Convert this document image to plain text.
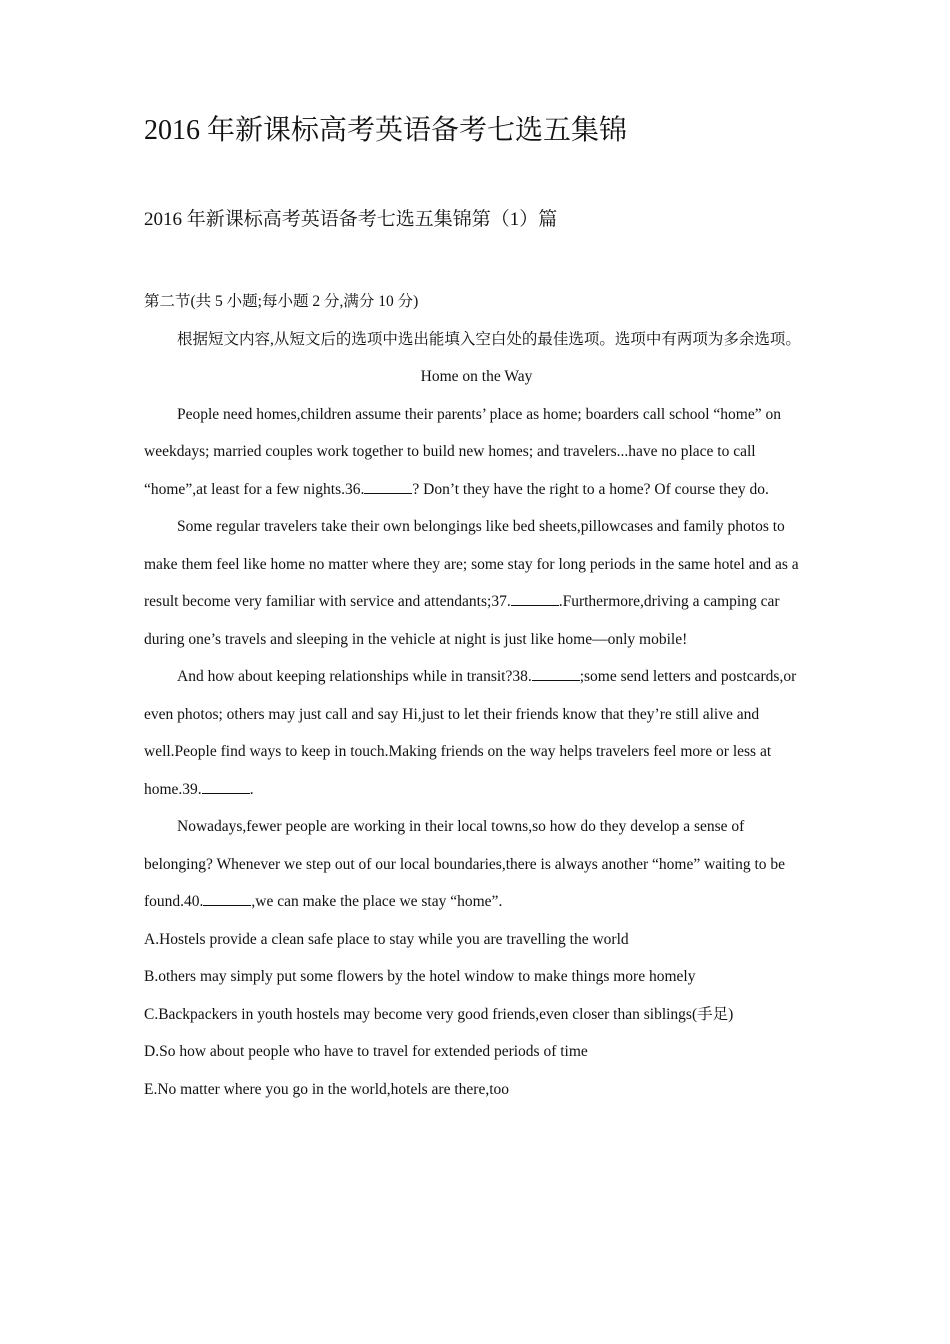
2016 年新课标高考英语备考七选五集锦
2016 年新课标高考英语备考七选五集锦第（1）篇

第二节(共 5 小题;每小题 2 分,满分 10 分)

根据短文内容,从短文后的选项中选出能填入空白处的最佳选项。选项中有两项为多余选项。

Home on the Way

People need homes,children assume their parents’ place as home; boarders call school “home” on weekdays; married couples work together to build new homes; and travelers...have no place to call “home”,at least for a few nights.36.	? Don’t they have the right to a home? Of course they do.

Some regular travelers take their own belongings like bed sheets,pillowcases and family photos to make them feel like home no matter where they are; some stay for long periods in the same hotel and as a result become very familiar with service and attendants;37.	.Furthermore,driving a camping car during one’s travels and sleeping in the vehicle at night is just like home—only mobile!

And how about keeping relationships while in transit?38.	;some send letters and postcards,or even photos; others may just call and say Hi,just to let their friends know that they’re still alive and well.People find ways to keep in touch.Making friends on the way helps travelers feel more or less at home.39.	.

Nowadays,fewer people are working in their local towns,so how do they develop a sense of belonging? Whenever we step out of our local boundaries,there is always another “home” waiting to be found.40.	,we can make the place we stay “home”.

A.Hostels provide a clean safe place to stay while you are travelling the world

B.others may simply put some flowers by the hotel window to make things more homely

C.Backpackers in youth hostels may become very good friends,even closer than siblings(手足)

D.So how about people who have to travel for extended periods of time

E.No matter where you go in the world,hotels are there,too
